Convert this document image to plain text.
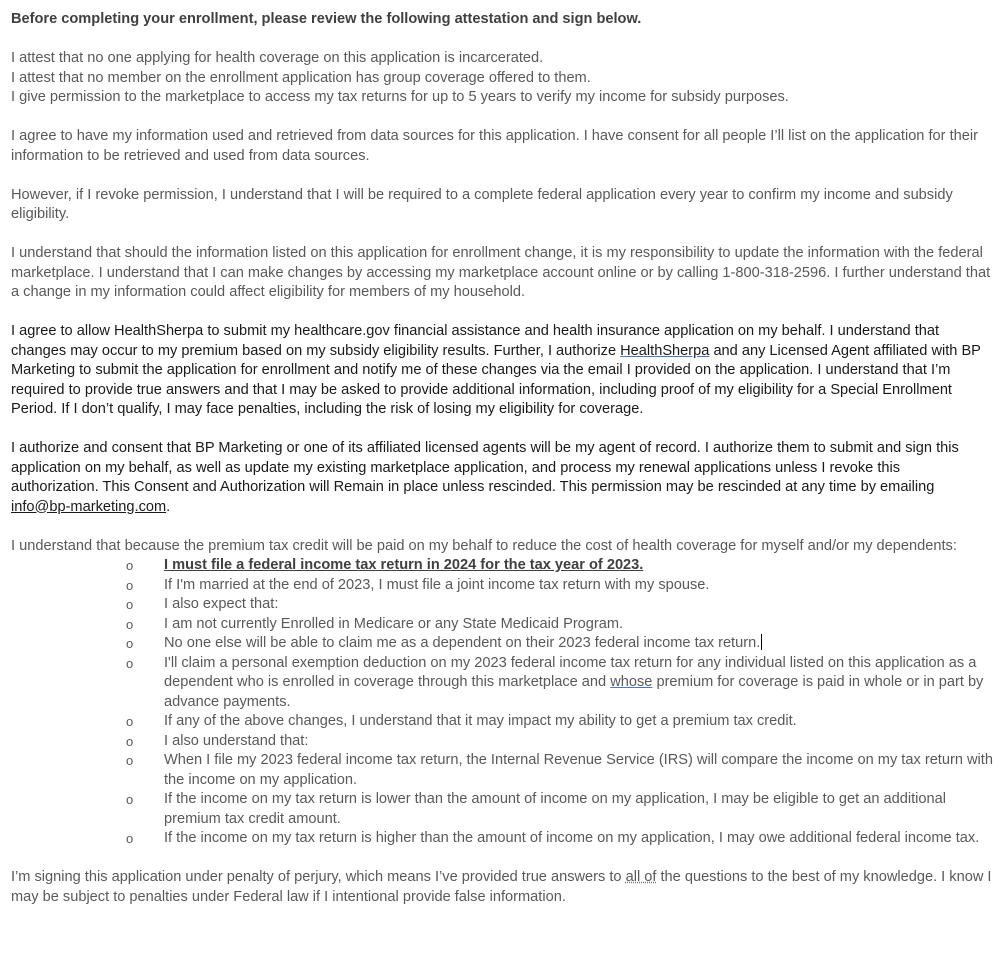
Before completing your enrollment, please review the following attestation and sign below.

I attest that no one applying for health coverage on this application is incarcerated.

I attest that no member on the enrollment application has group coverage offered to them.

I give permission to the marketplace to access my tax returns for up to 5 years to verify my income for subsidy purposes.

I agree to have my information used and retrieved from data sources for this application. I have consent for all people I’ll list on the application for their information to be retrieved and used from data sources.

However, if I revoke permission, I understand that I will be required to a complete federal application every year to confirm my income and subsidy eligibility.

I understand that should the information listed on this application for enrollment change, it is my responsibility to update the information with the federal marketplace. I understand that I can make changes by accessing my marketplace account online or by calling 1-800-318-2596. I further understand that a change in my information could affect eligibility for members of my household.

I agree to allow HealthSherpa to submit my healthcare.gov financial assistance and health insurance application on my behalf. I understand that changes may occur to my premium based on my subsidy eligibility results. Further, I authorize HealthSherpa and any Licensed Agent affiliated with BP Marketing to submit the application for enrollment and notify me of these changes via the email I provided on the application. I understand that I’m required to provide true answers and that I may be asked to provide additional information, including proof of my eligibility for a Special Enrollment Period. If I don’t qualify, I may face penalties, including the risk of losing my eligibility for coverage.

I authorize and consent that BP Marketing or one of its affiliated licensed agents will be my agent of record. I authorize them to submit and sign this application on my behalf, as well as update my existing marketplace application, and process my renewal applications unless I revoke this authorization. This Consent and Authorization will Remain in place unless rescinded. This permission may be rescinded at any time by emailing info@bp-marketing.com.

I understand that because the premium tax credit will be paid on my behalf to reduce the cost of health coverage for myself and/or my dependents:

o I must file a federal income tax return in 2024 for the tax year of 2023.
o If I'm married at the end of 2023, I must file a joint income tax return with my spouse.
o I also expect that:
o I am not currently Enrolled in Medicare or any State Medicaid Program.
o No one else will be able to claim me as a dependent on their 2023 federal income tax return.
o I'll claim a personal exemption deduction on my 2023 federal income tax return for any individual listed on this application as a dependent who is enrolled in coverage through this marketplace and whose premium for coverage is paid in whole or in part by advance payments.
o If any of the above changes, I understand that it may impact my ability to get a premium tax credit.
o I also understand that:
o When I file my 2023 federal income tax return, the Internal Revenue Service (IRS) will compare the income on my tax return with the income on my application.
o If the income on my tax return is lower than the amount of income on my application, I may be eligible to get an additional premium tax credit amount.
o If the income on my tax return is higher than the amount of income on my application, I may owe additional federal income tax.

I’m signing this application under penalty of perjury, which means I’ve provided true answers to all of the questions to the best of my knowledge. I know I may be subject to penalties under Federal law if I intentional provide false information.
